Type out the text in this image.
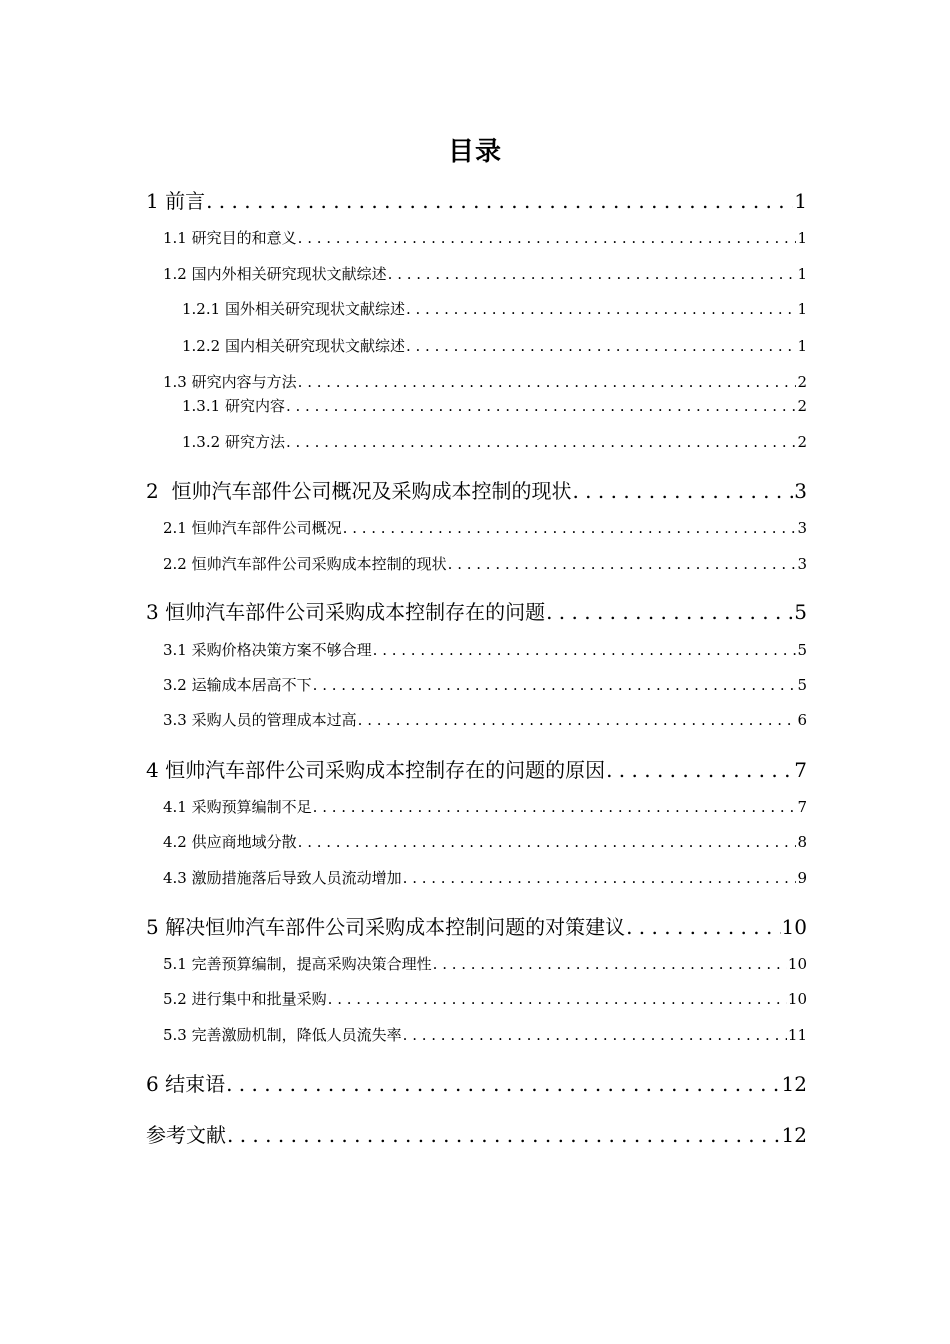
目录
1 前言 . . .	1
1.1 研究目的和意义 . . .	1
1.2 国内外相关研究现状文献综述 . . .	1
1.2.1 国外相关研究现状文献综述 . . .	1
1.2.2 国内相关研究现状文献综述 . . .	1
1.3 研究内容与方法 . . .	2
1.3.1 研究内容 . . .	2
1.3.2 研究方法 . . .	2
2 恒帅汽车部件公司概况及采购成本控制的现状 . . .	3
2.1 恒帅汽车部件公司概况 . . .	3
2.2 恒帅汽车部件公司采购成本控制的现状 . . .	3
3 恒帅汽车部件公司采购成本控制存在的问题 . . .	5
3.1 采购价格决策方案不够合理 . . .	5
3.2 运输成本居高不下 . . .	5
3.3 采购人员的管理成本过高 . . .	6
4 恒帅汽车部件公司采购成本控制存在的问题的原因 . . .	7
4.1 采购预算编制不足 . . .	7
4.2 供应商地域分散 . . .	8
4.3 激励措施落后导致人员流动增加 . . .	9
5 解决恒帅汽车部件公司采购成本控制问题的对策建议 . . .	10
5.1 完善预算编制，提高采购决策合理性 . . .	10
5.2 进行集中和批量采购 . . .	10
5.3 完善激励机制，降低人员流失率 . . .	11
6 结束语 . . .	12
参考文献 . . .	12
